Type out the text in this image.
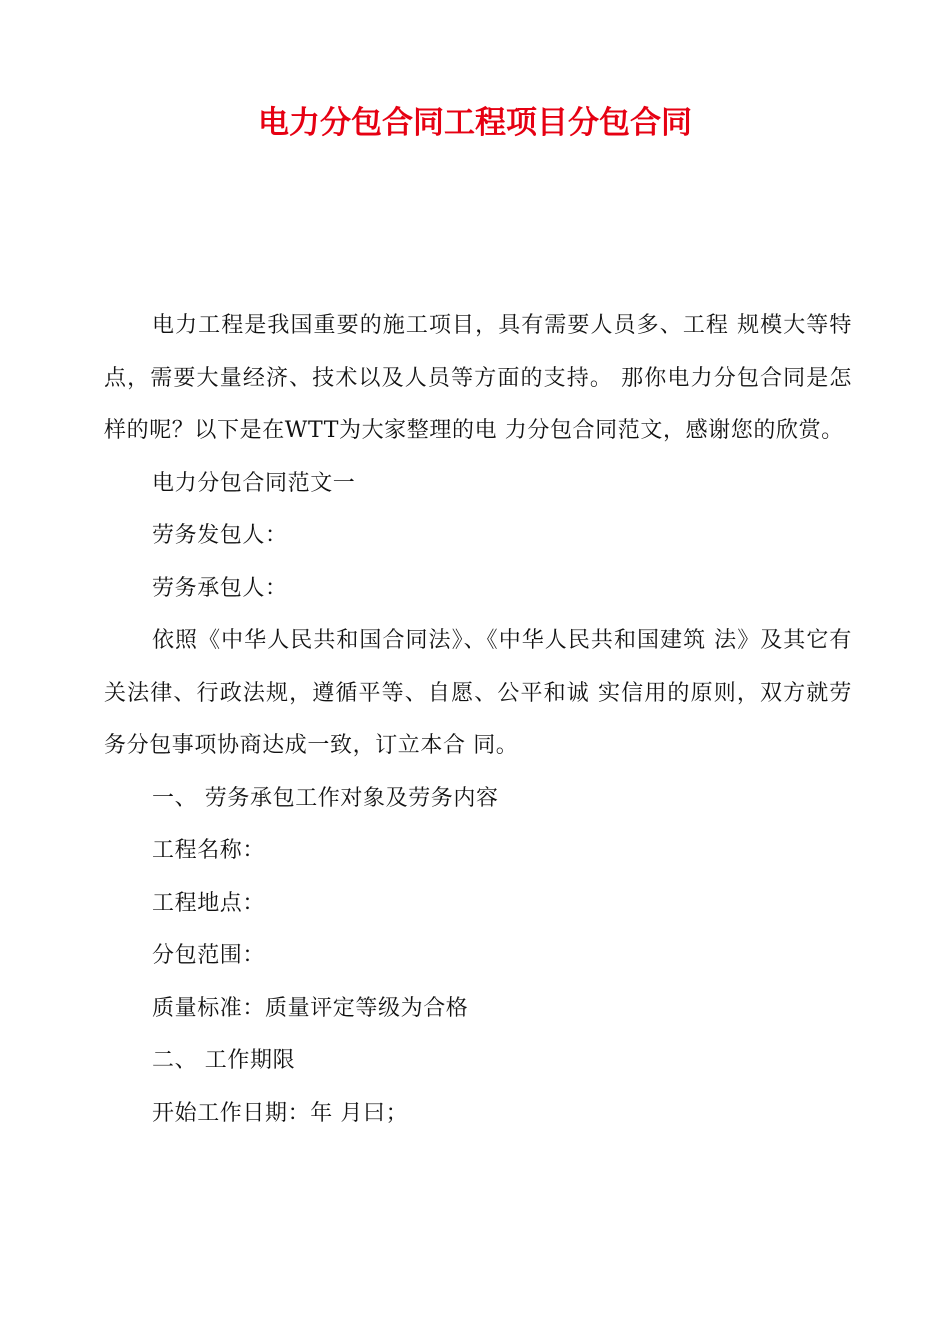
电力分包合同工程项目分包合同

电力工程是我国重要的施工项目，具有需要人员多、工程 规模大等特点，需要大量经济、技术以及人员等方面的支持。 那你电力分包合同是怎样的呢？以下是在WTT为大家整理的电 力分包合同范文，感谢您的欣赏。

电力分包合同范文一

劳务发包人：

劳务承包人：

依照《中华人民共和国合同法》、《中华人民共和国建筑 法》及其它有关法律、行政法规，遵循平等、自愿、公平和诚 实信用的原则，双方就劳务分包事项协商达成一致，订立本合 同。

一、 劳务承包工作对象及劳务内容

工程名称：

工程地点：

分包范围：

质量标准：质量评定等级为合格

二、 工作期限

开始工作日期：年 月曰；
